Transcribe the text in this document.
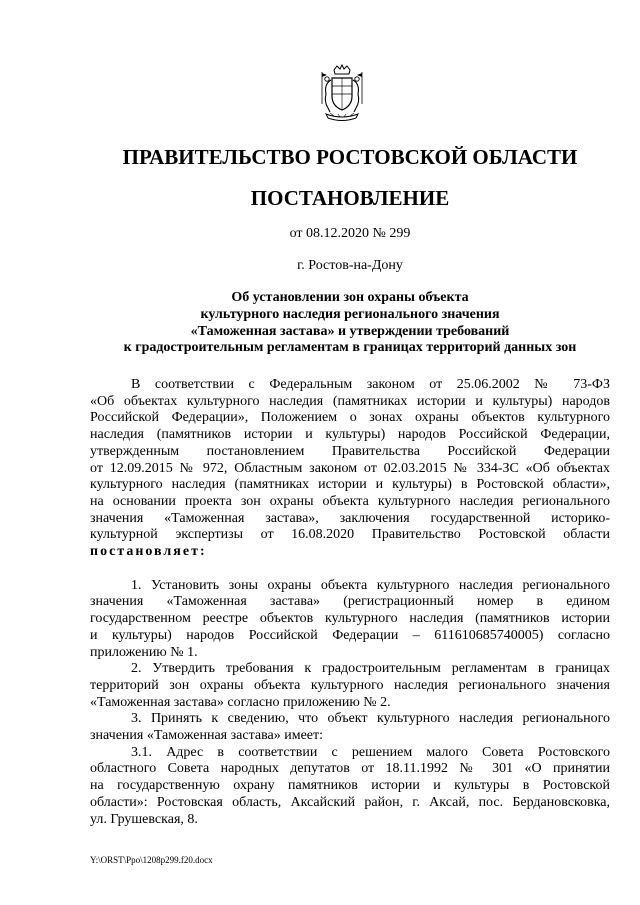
ПРАВИТЕЛЬСТВО РОСТОВСКОЙ ОБЛАСТИ
ПОСТАНОВЛЕНИЕ
от 08.12.2020 № 299
г. Ростов-на-Дону
Об установлении зон охраны объекта
культурного наследия регионального значения
«Таможенная застава» и утверждении требований
к градостроительным регламентам в границах территорий данных зон
В соответствии с Федеральным законом от 25.06.2002 № 73-ФЗ
«Об объектах культурного наследия (памятниках истории и культуры) народов
Российской Федерации», Положением о зонах охраны объектов культурного
наследия (памятников истории и культуры) народов Российской Федерации,
утвержденным постановлением Правительства Российской Федерации
от 12.09.2015 № 972, Областным законом от 02.03.2015 № 334-ЗС «Об объектах
культурного наследия (памятниках истории и культуры) в Ростовской области»,
на основании проекта зон охраны объекта культурного наследия регионального
значения «Таможенная застава», заключения государственной историко-
культурной экспертизы от 16.08.2020 Правительство Ростовской области
постановляет:
1. Установить зоны охраны объекта культурного наследия регионального
значения «Таможенная застава» (регистрационный номер в едином
государственном реестре объектов культурного наследия (памятников истории
и культуры) народов Российской Федерации – 611610685740005) согласно
приложению № 1.
2. Утвердить требования к градостроительным регламентам в границах
территорий зон охраны объекта культурного наследия регионального значения
«Таможенная застава» согласно приложению № 2.
3. Принять к сведению, что объект культурного наследия регионального
значения «Таможенная застава» имеет:
3.1. Адрес в соответствии с решением малого Совета Ростовского
областного Совета народных депутатов от 18.11.1992 № 301 «О принятии
на государственную охрану памятников истории и культуры в Ростовской
области»: Ростовская область, Аксайский район, г. Аксай, пос. Бердановсковка,
ул. Грушевская, 8.
Y:\ORST\Ppo\1208p299.f20.docx
